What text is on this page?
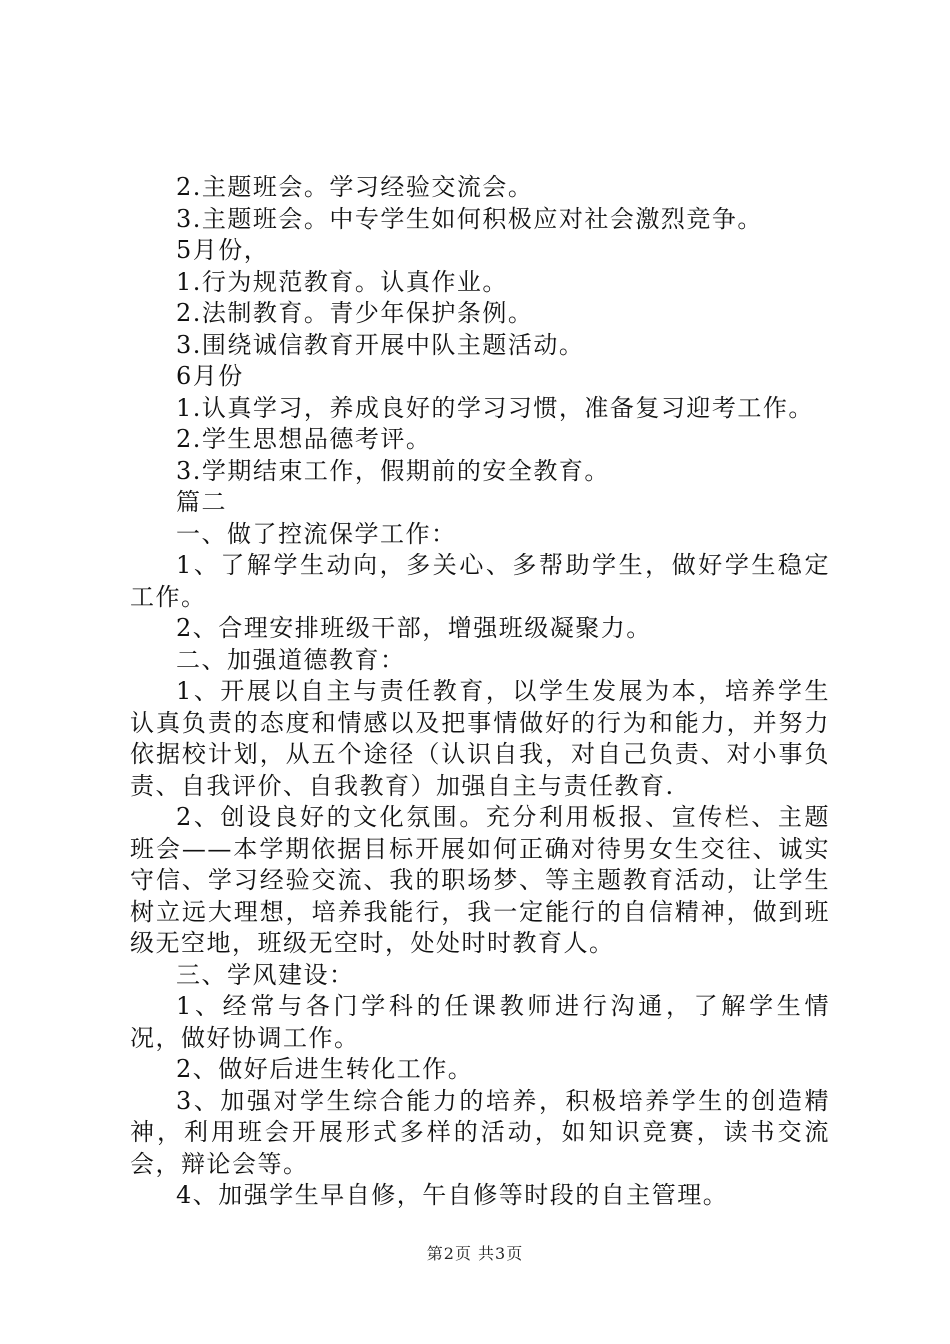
2.主题班会。学习经验交流会。

3.主题班会。中专学生如何积极应对社会激烈竞争。

5月份，

1.行为规范教育。认真作业。

2.法制教育。青少年保护条例。

3.围绕诚信教育开展中队主题活动。

6月份

1.认真学习，养成良好的学习习惯，准备复习迎考工作。

2.学生思想品德考评。

3.学期结束工作，假期前的安全教育。

篇二

一、做了控流保学工作：

1、了解学生动向，多关心、多帮助学生，做好学生稳定工作。

2、合理安排班级干部，增强班级凝聚力。

二、加强道德教育：

1、开展以自主与责任教育，以学生发展为本，培养学生认真负责的态度和情感以及把事情做好的行为和能力，并努力依据校计划，从五个途径（认识自我，对自己负责、对小事负责、自我评价、自我教育）加强自主与责任教育.

2、创设良好的文化氛围。充分利用板报、宣传栏、主题班会——本学期依据目标开展如何正确对待男女生交往、诚实守信、学习经验交流、我的职场梦、等主题教育活动，让学生树立远大理想，培养我能行，我一定能行的自信精神，做到班级无空地，班级无空时，处处时时教育人。

三、学风建设：

1、经常与各门学科的任课教师进行沟通，了解学生情况，做好协调工作。

2、做好后进生转化工作。

3、加强对学生综合能力的培养，积极培养学生的创造精神，利用班会开展形式多样的活动，如知识竞赛，读书交流会，辩论会等。

4、加强学生早自修，午自修等时段的自主管理。

第2页 共3页
